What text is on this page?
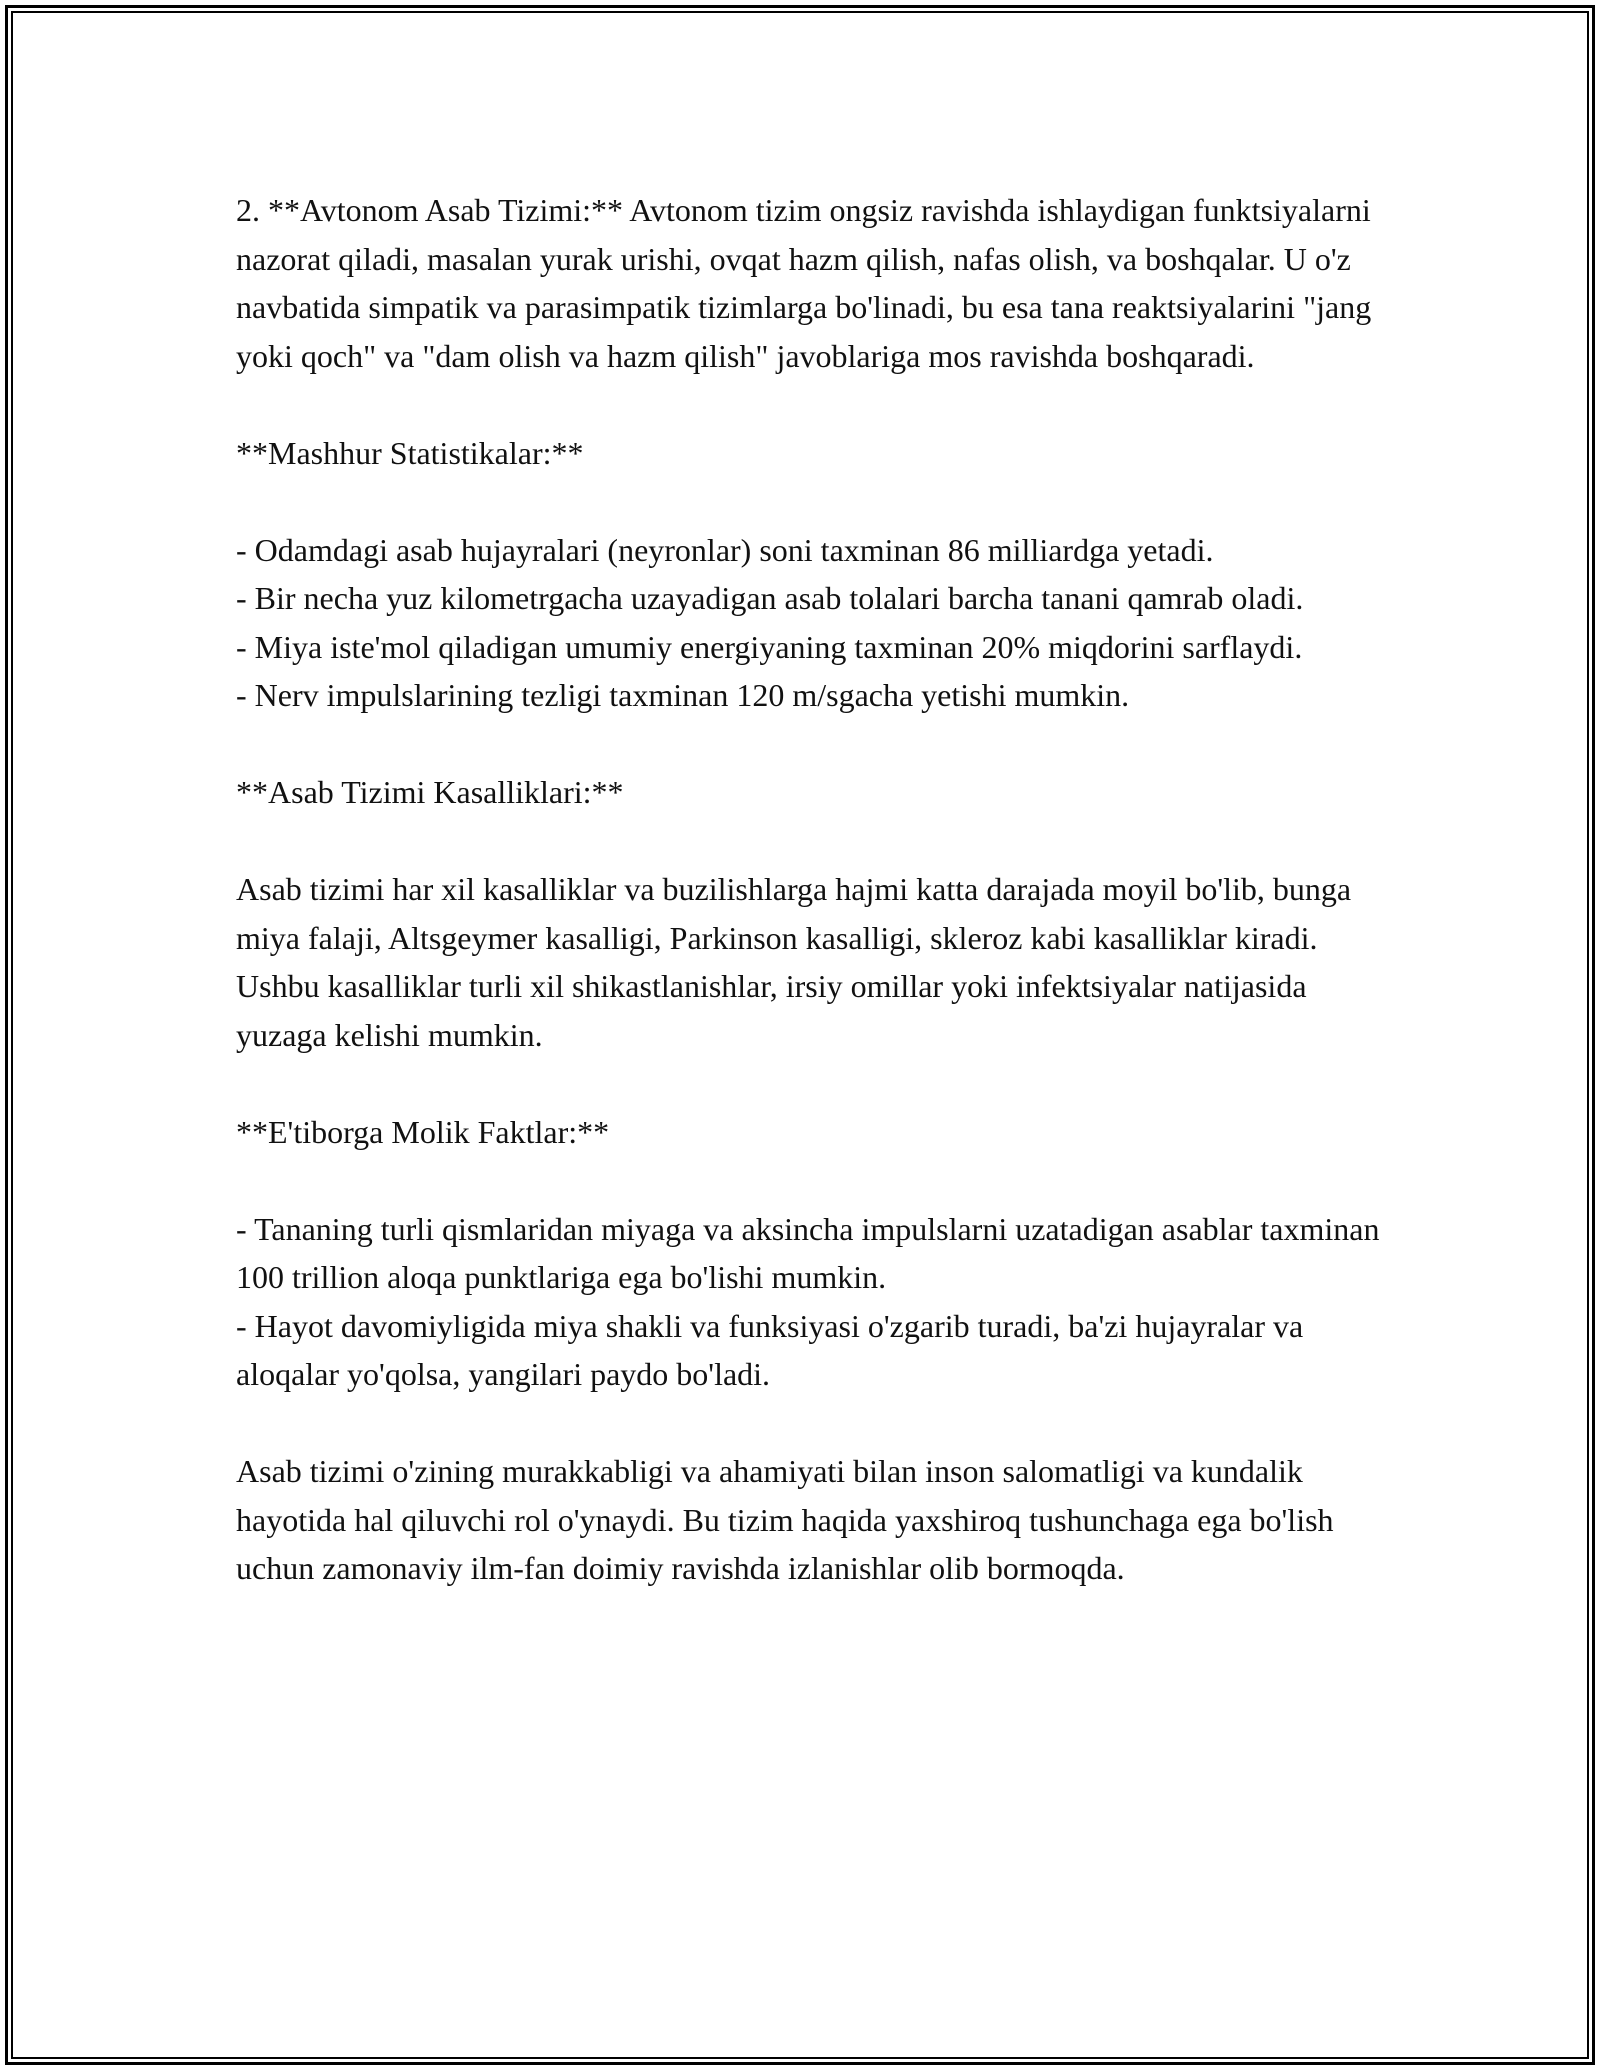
2. **Avtonom Asab Tizimi:** Avtonom tizim ongsiz ravishda ishlaydigan funktsiyalarni nazorat qiladi, masalan yurak urishi, ovqat hazm qilish, nafas olish, va boshqalar. U o'z navbatida simpatik va parasimpatik tizimlarga bo'linadi, bu esa tana reaktsiyalarini "jang yoki qoch" va "dam olish va hazm qilish" javoblariga mos ravishda boshqaradi.

**Mashhur Statistikalar:**

- Odamdagi asab hujayralari (neyronlar) soni taxminan 86 milliardga yetadi.

- Bir necha yuz kilometrgacha uzayadigan asab tolalari barcha tanani qamrab oladi.

- Miya iste'mol qiladigan umumiy energiyaning taxminan 20% miqdorini sarflaydi.

- Nerv impulslarining tezligi taxminan 120 m/sgacha yetishi mumkin.

**Asab Tizimi Kasalliklari:**

Asab tizimi har xil kasalliklar va buzilishlarga hajmi katta darajada moyil bo'lib, bunga miya falaji, Altsgeymer kasalligi, Parkinson kasalligi, skleroz kabi kasalliklar kiradi. Ushbu kasalliklar turli xil shikastlanishlar, irsiy omillar yoki infektsiyalar natijasida yuzaga kelishi mumkin.

**E'tiborga Molik Faktlar:**

- Tananing turli qismlaridan miyaga va aksincha impulslarni uzatadigan asablar taxminan 100 trillion aloqa punktlariga ega bo'lishi mumkin.

- Hayot davomiyligida miya shakli va funksiyasi o'zgarib turadi, ba'zi hujayralar va aloqalar yo'qolsa, yangilari paydo bo'ladi.

Asab tizimi o'zining murakkabligi va ahamiyati bilan inson salomatligi va kundalik hayotida hal qiluvchi rol o'ynaydi. Bu tizim haqida yaxshiroq tushunchaga ega bo'lish uchun zamonaviy ilm-fan doimiy ravishda izlanishlar olib bormoqda.
